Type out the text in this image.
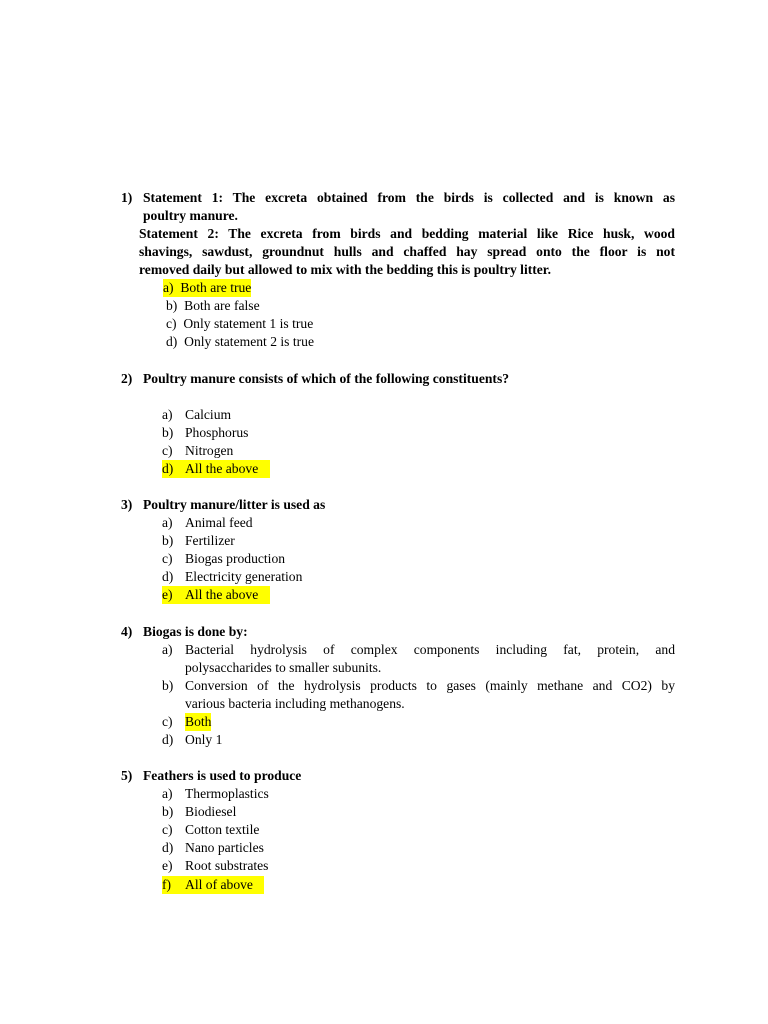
1) Statement 1: The excreta obtained from the birds is collected and is known as
poultry manure.
Statement 2: The excreta from birds and bedding material like Rice husk, wood
shavings, sawdust, groundnut hulls and chaffed hay spread onto the floor is not
removed daily but allowed to mix with the bedding this is poultry litter.
a) Both are true
b) Both are false
c) Only statement 1 is true
d) Only statement 2 is true
2) Poultry manure consists of which of the following constituents?
a) Calcium
b) Phosphorus
c) Nitrogen
d) All the above
3) Poultry manure/litter is used as
a) Animal feed
b) Fertilizer
c) Biogas production
d) Electricity generation
e) All the above
4) Biogas is done by:
a) Bacterial hydrolysis of complex components including fat, protein, and
polysaccharides to smaller subunits.
b) Conversion of the hydrolysis products to gases (mainly methane and CO2) by
various bacteria including methanogens.
c) Both
d) Only 1
5) Feathers is used to produce
a) Thermoplastics
b) Biodiesel
c) Cotton textile
d) Nano particles
e) Root substrates
f) All of above
